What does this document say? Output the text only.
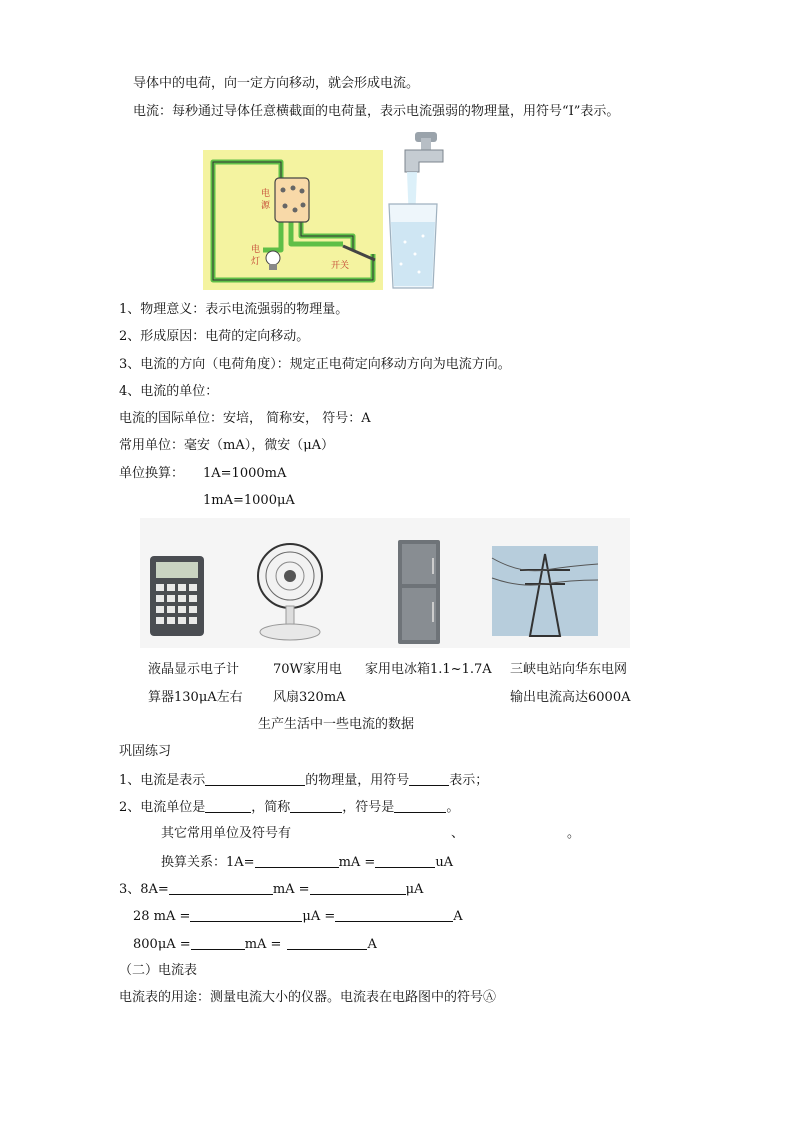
导体中的电荷，向一定方向移动，就会形成电流。
电流：每秒通过导体任意横截面的电荷量，表示电流强弱的物理量，用符号“I”表示。
电
源
电
灯	开关
1、物理意义：表示电流强弱的物理量。
2、形成原因：电荷的定向移动。
3、电流的方向（电荷角度）：规定正电荷定向移动方向为电流方向。
4、电流的单位：
电流的国际单位：安培， 简称安， 符号：A
常用单位：毫安（mA），微安（μA）
单位换算： 1A=1000mA
1mA=1000μA
液晶显示电子计
算器130μA左右
70W家用电
风扇320mA
家用电冰箱1.1~1.7A 三峡电站向华东电网
输出电流高达6000A
生产生活中一些电流的数据
巩固练习
1、电流是表示	的物理量，用符号	表示；
2、电流单位是	，简称	，符号是	。
其它常用单位及符号有	、	。
换算关系：1A=	mA =	uA
3、8A=	mA =	μA
28 mA =	μA =	A
800μA =	mA =	A
（二）电流表
电流表的用途：测量电流大小的仪器。电流表在电路图中的符号Ⓐ
